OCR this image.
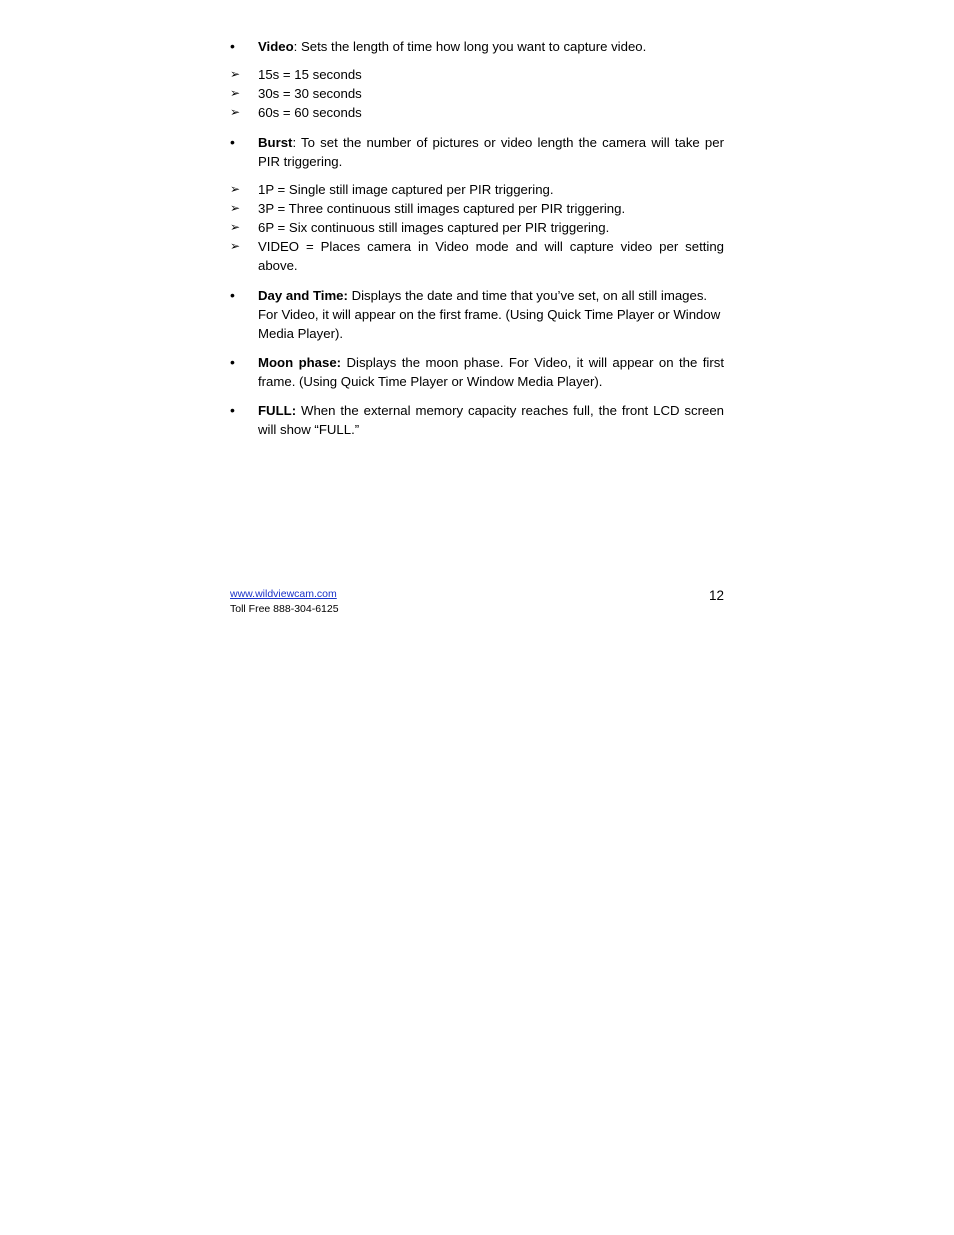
•	Video: Sets the length of time how long you want to capture video.
➢	15s = 15 seconds
➢	30s = 30 seconds
➢	60s = 60 seconds
•	Burst: To set the number of pictures or video length the camera will take per PIR triggering.
➢	1P = Single still image captured per PIR triggering.
➢	3P = Three continuous still images captured per PIR triggering.
➢	6P = Six continuous still images captured per PIR triggering.
➢	VIDEO = Places camera in Video mode and will capture video per setting above.
•	Day and Time: Displays the date and time that you’ve set, on all still images. For Video, it will appear on the first frame. (Using Quick Time Player or Window Media Player).
•	Moon phase: Displays the moon phase. For Video, it will appear on the first frame. (Using Quick Time Player or Window Media Player).
•	FULL: When the external memory capacity reaches full, the front LCD screen will show “FULL.”
www.wildviewcam.com
Toll Free 888-304-6125
12
